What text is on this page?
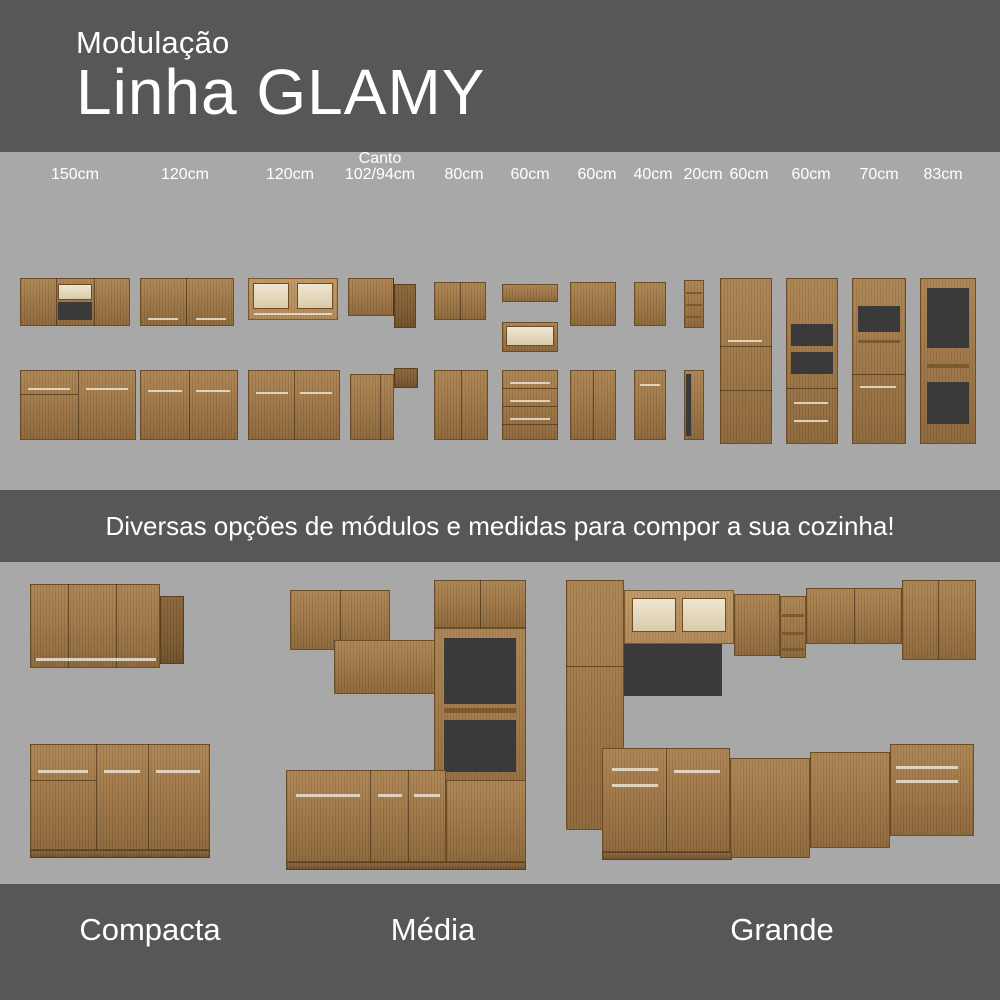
Modulação
Linha GLAMY
150cm	120cm	120cm
Canto
102/94cm	80cm	60cm	60cm	40cm 20cm 60cm	60cm	70cm	83cm
Diversas opções de módulos e medidas para compor a sua cozinha!
Compacta	Média	Grande
